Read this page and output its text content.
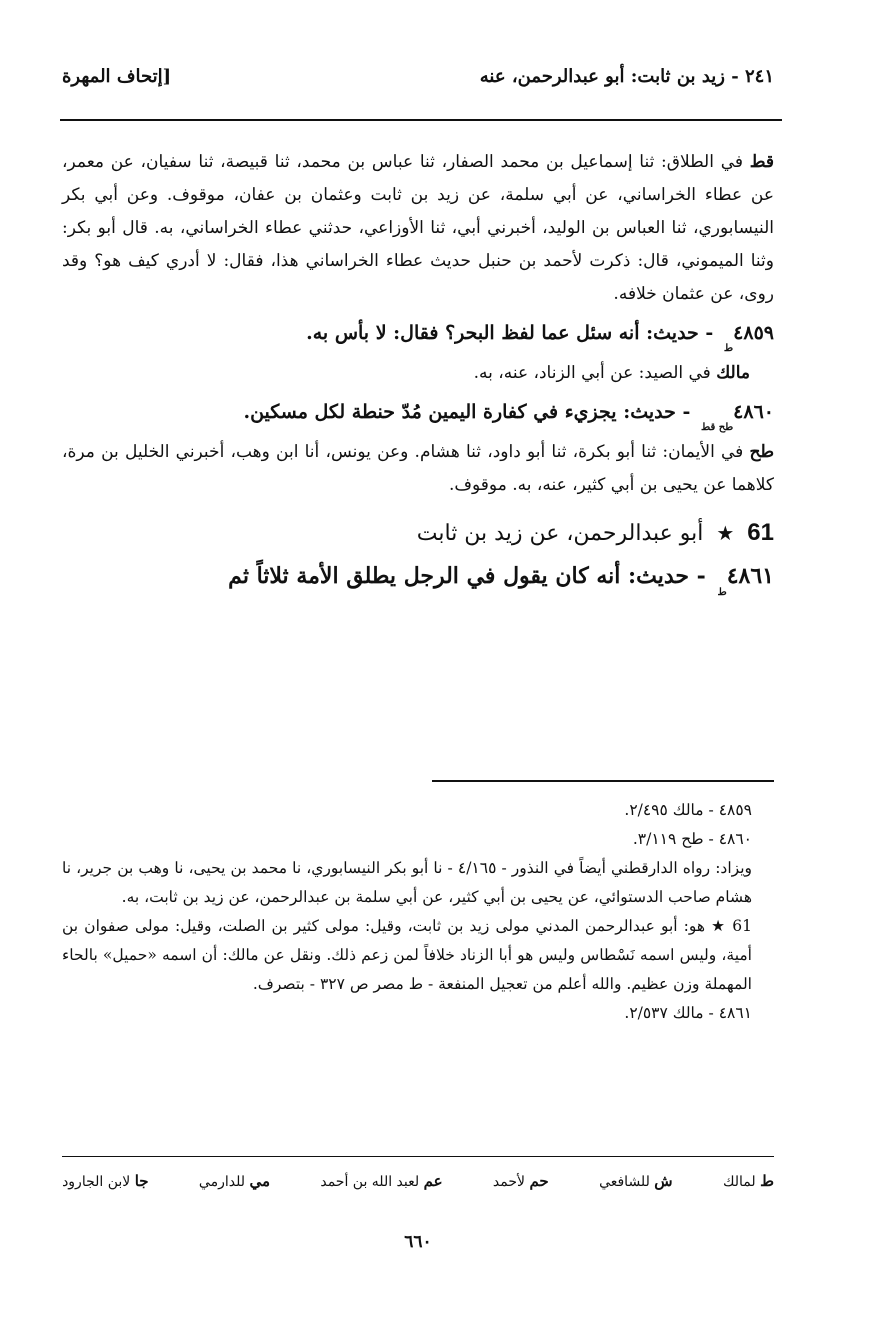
٢٤١ - زيد بن ثابت: أبو عبدالرحمن، عنه
[إتحاف المهرة

قط في الطلاق: ثنا إسماعيل بن محمد الصفار، ثنا عباس بن محمد، ثنا قبيصة، ثنا سفيان، عن معمر، عن عطاء الخراساني، عن أبي سلمة، عن زيد بن ثابت وعثمان بن عفان، موقوف. وعن أبي بكر النيسابوري، ثنا العباس بن الوليد، أخبرني أبي، ثنا الأوزاعي، حدثني عطاء الخراساني، به. قال أبو بكر: وثنا الميموني، قال: ذكرت لأحمد بن حنبل حديث عطاء الخراساني هذا، فقال: لا أدري كيف هو؟ وقد روى، عن عثمان خلافه.

$٤٨٥٩_ط$ - حديث: أنه سئل عما لفظ البحر؟ فقال: لا بأس به.

مالك في الصيد: عن أبي الزناد، عنه، به.

$٤٨٦٠_{طح قط}$ - حديث: يجزيء في كفارة اليمين مُدّ حنطة لكل مسكين.

طح في الأيمان: ثنا أبو بكرة، ثنا أبو داود، ثنا هشام. وعن يونس، أنا ابن وهب، أخبرني الخليل بن مرة، كلاهما عن يحيى بن أبي كثير، عنه، به. موقوف.

61 ★ أبو عبدالرحمن، عن زيد بن ثابت

$٤٨٦١_ط$ - حديث: أنه كان يقول في الرجل يطلق الأمة ثلاثاً ثم

٤٨٥٩ - مالك ٢/٤٩٥.

٤٨٦٠ - طح ٣/١١٩.

ويزاد: رواه الدارقطني أيضاً في النذور - ٤/١٦٥ - نا أبو بكر النيسابوري، نا محمد بن يحيى، نا وهب بن جرير، نا هشام صاحب الدستوائي، عن يحيى بن أبي كثير، عن أبي سلمة بن عبدالرحمن، عن زيد بن ثابت، به.

61 ★ هو: أبو عبدالرحمن المدني مولى زيد بن ثابت، وقيل: مولى كثير بن الصلت، وقيل: مولى صفوان بن أمية، وليس اسمه نَسْطاس وليس هو أبا الزناد خلافاً لمن زعم ذلك. ونقل عن مالك: أن اسمه «حميل» بالحاء المهملة وزن عظيم. والله أعلم من تعجيل المنفعة - ط مصر ص ٣٢٧ - بتصرف.

٤٨٦١ - مالك ٢/٥٣٧.

ط لمالك
ش للشافعي
حم لأحمد
عم لعبد الله بن أحمد
مي للدارمي
جا لابن الجارود
٦٦٠
